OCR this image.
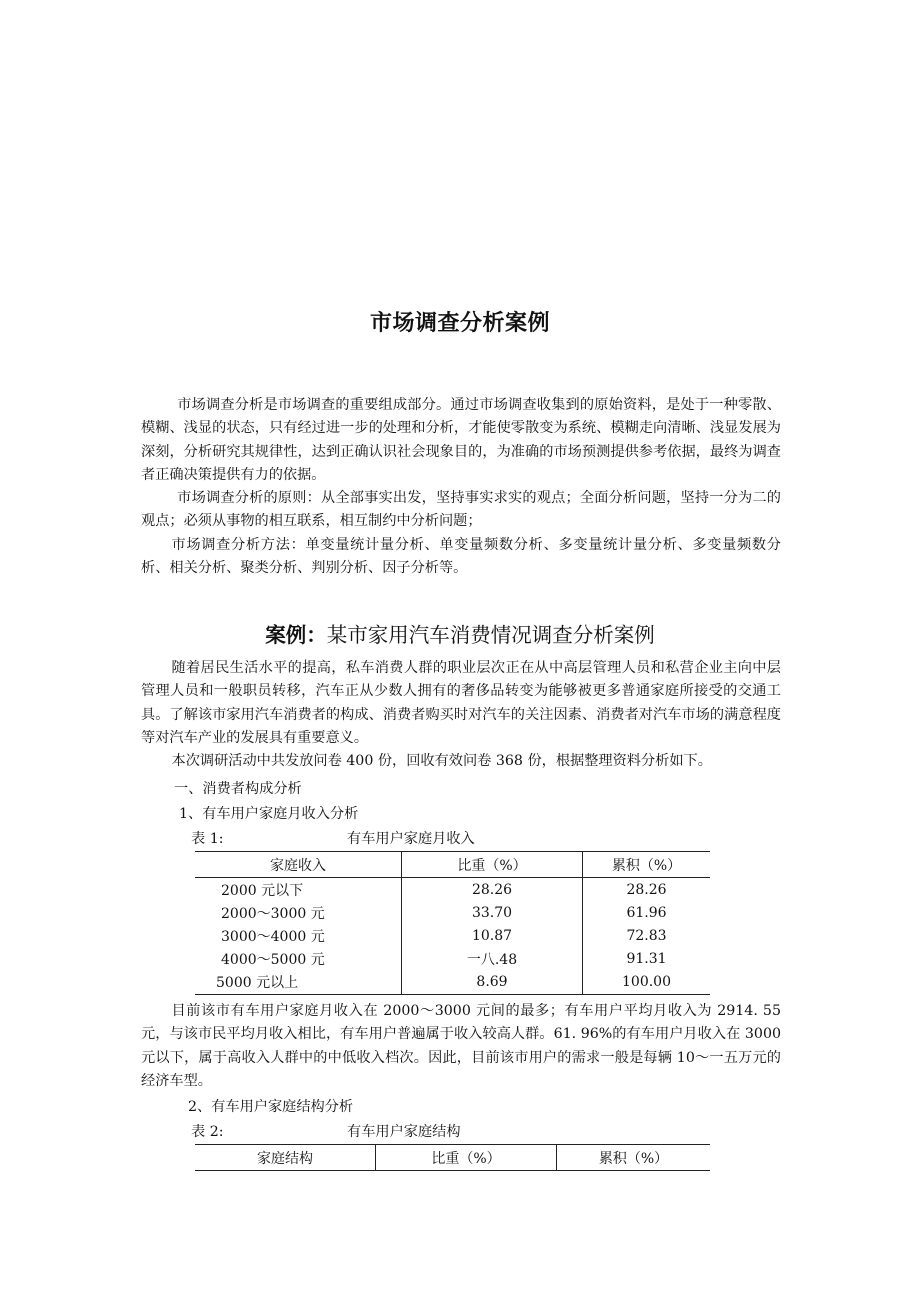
市场调查分析案例

市场调查分析是市场调查的重要组成部分。通过市场调查收集到的原始资料，是处于一种零散、模糊、浅显的状态，只有经过进一步的处理和分析，才能使零散变为系统、模糊走向清晰、浅显发展为深刻，分析研究其规律性，达到正确认识社会现象目的，为准确的市场预测提供参考依据，最终为调查者正确决策提供有力的依据。

市场调查分析的原则：从全部事实出发，坚持事实求实的观点；全面分析问题，坚持一分为二的观点；必须从事物的相互联系，相互制约中分析问题；

市场调查分析方法：单变量统计量分析、单变量频数分析、多变量统计量分析、多变量频数分析、相关分析、聚类分析、判别分析、因子分析等。

案例：某市家用汽车消费情况调查分析案例

随着居民生活水平的提高，私车消费人群的职业层次正在从中高层管理人员和私营企业主向中层管理人员和一般职员转移，汽车正从少数人拥有的奢侈品转变为能够被更多普通家庭所接受的交通工具。了解该市家用汽车消费者的构成、消费者购买时对汽车的关注因素、消费者对汽车市场的满意程度等对汽车产业的发展具有重要意义。

本次调研活动中共发放问卷 400 份，回收有效问卷 368 份，根据整理资料分析如下。

一、消费者构成分析
1、有车用户家庭月收入分析
表 1:	有车用户家庭月收入
家庭收入	比重（%）	累积（%）
2000 元以下	28.26	28.26
2000～3000 元	33.70	61.96
3000～4000 元	10.87	72.83
4000～5000 元	一八.48	91.31
5000 元以上	8.69	100.00

目前该市有车用户家庭月收入在 2000～3000 元间的最多；有车用户平均月收入为 2914. 55 元，与该市民平均月收入相比，有车用户普遍属于收入较高人群。61. 96%的有车用户月收入在 3000 元以下，属于高收入人群中的中低收入档次。因此，目前该市用户的需求一般是每辆 10～一五万元的经济车型。

2、有车用户家庭结构分析
表 2:	有车用户家庭结构
家庭结构	比重（%）	累积（%）
